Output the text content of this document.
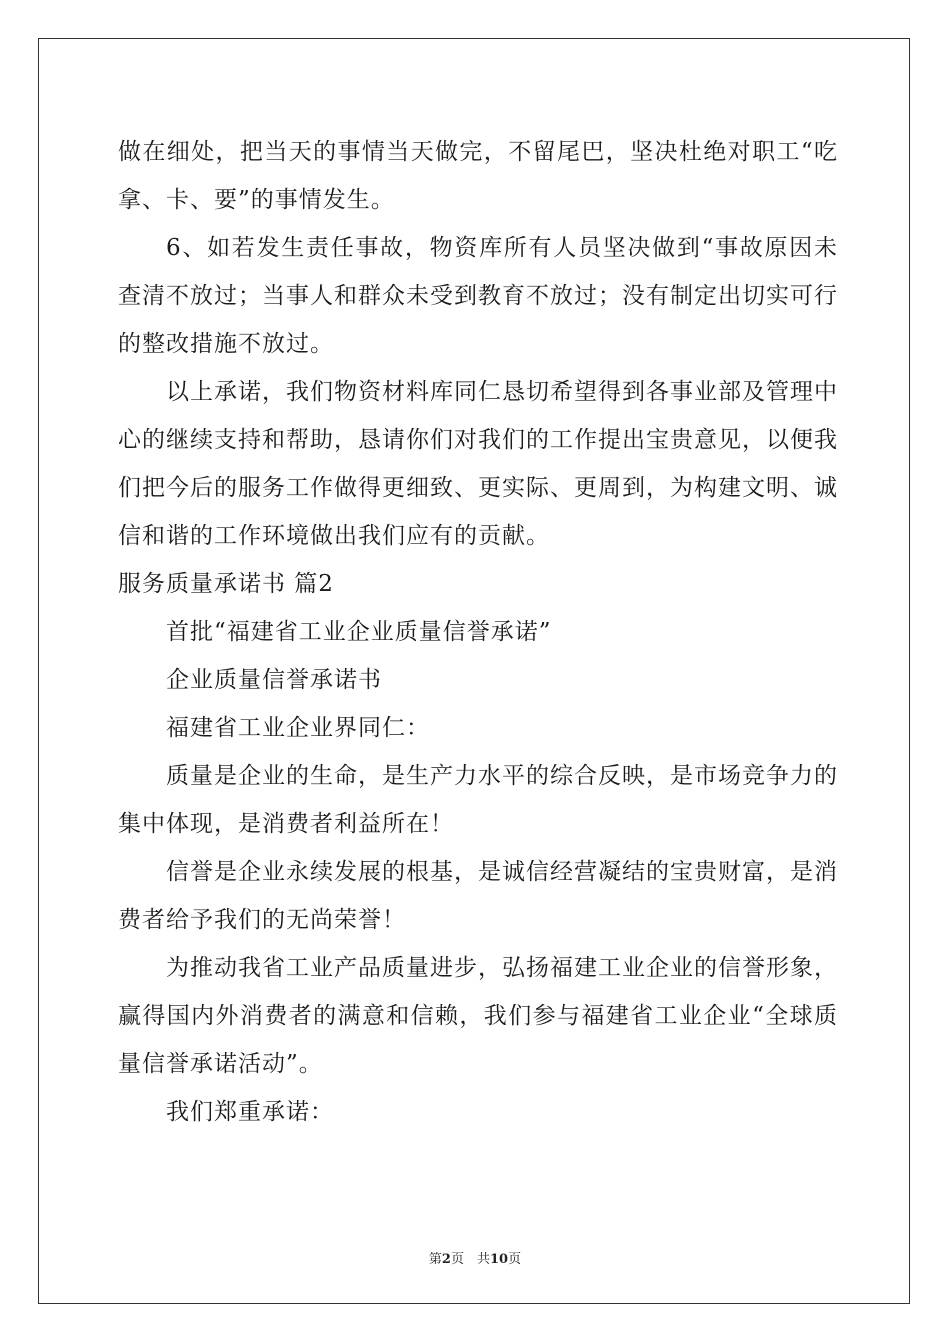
做在细处，把当天的事情当天做完，不留尾巴，坚决杜绝对职工“吃拿、卡、要”的事情发生。

6、如若发生责任事故，物资库所有人员坚决做到“事故原因未查清不放过；当事人和群众未受到教育不放过；没有制定出切实可行的整改措施不放过。

以上承诺，我们物资材料库同仁恳切希望得到各事业部及管理中心的继续支持和帮助，恳请你们对我们的工作提出宝贵意见，以便我们把今后的服务工作做得更细致、更实际、更周到，为构建文明、诚信和谐的工作环境做出我们应有的贡献。

服务质量承诺书 篇2

首批“福建省工业企业质量信誉承诺”

企业质量信誉承诺书

福建省工业企业界同仁：

质量是企业的生命，是生产力水平的综合反映，是市场竞争力的集中体现，是消费者利益所在！

信誉是企业永续发展的根基，是诚信经营凝结的宝贵财富，是消费者给予我们的无尚荣誉！

为推动我省工业产品质量进步，弘扬福建工业企业的信誉形象，赢得国内外消费者的满意和信赖，我们参与福建省工业企业“全球质量信誉承诺活动”。

我们郑重承诺：

第2页　共10页
